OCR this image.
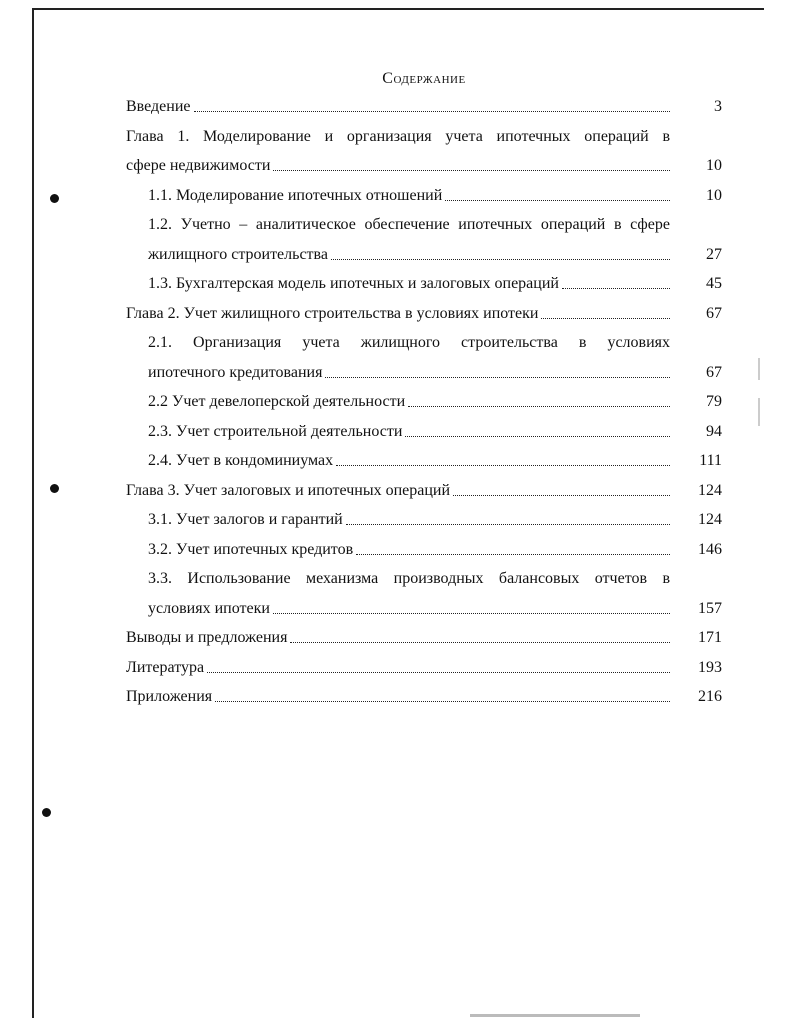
Содержание
Введение	3
Глава 1. Моделирование и организация учета ипотечных операций в
сфере недвижимости	10
1.1. Моделирование ипотечных отношений	10
1.2. Учетно – аналитическое обеспечение ипотечных операций в сфере
жилищного строительства	27
1.3. Бухгалтерская модель ипотечных и залоговых операций	45
Глава 2. Учет жилищного строительства в условиях ипотеки	67
2.1. Организация учета жилищного строительства в условиях
ипотечного кредитования	67
2.2 Учет девелоперской деятельности	79
2.3. Учет строительной деятельности	94
2.4. Учет в кондоминиумах	111
Глава 3. Учет залоговых и ипотечных операций	124
3.1. Учет залогов и гарантий	124
3.2. Учет ипотечных кредитов	146
3.3. Использование механизма производных балансовых отчетов в
условиях ипотеки	157
Выводы и предложения	171
Литература	193
Приложения	216
